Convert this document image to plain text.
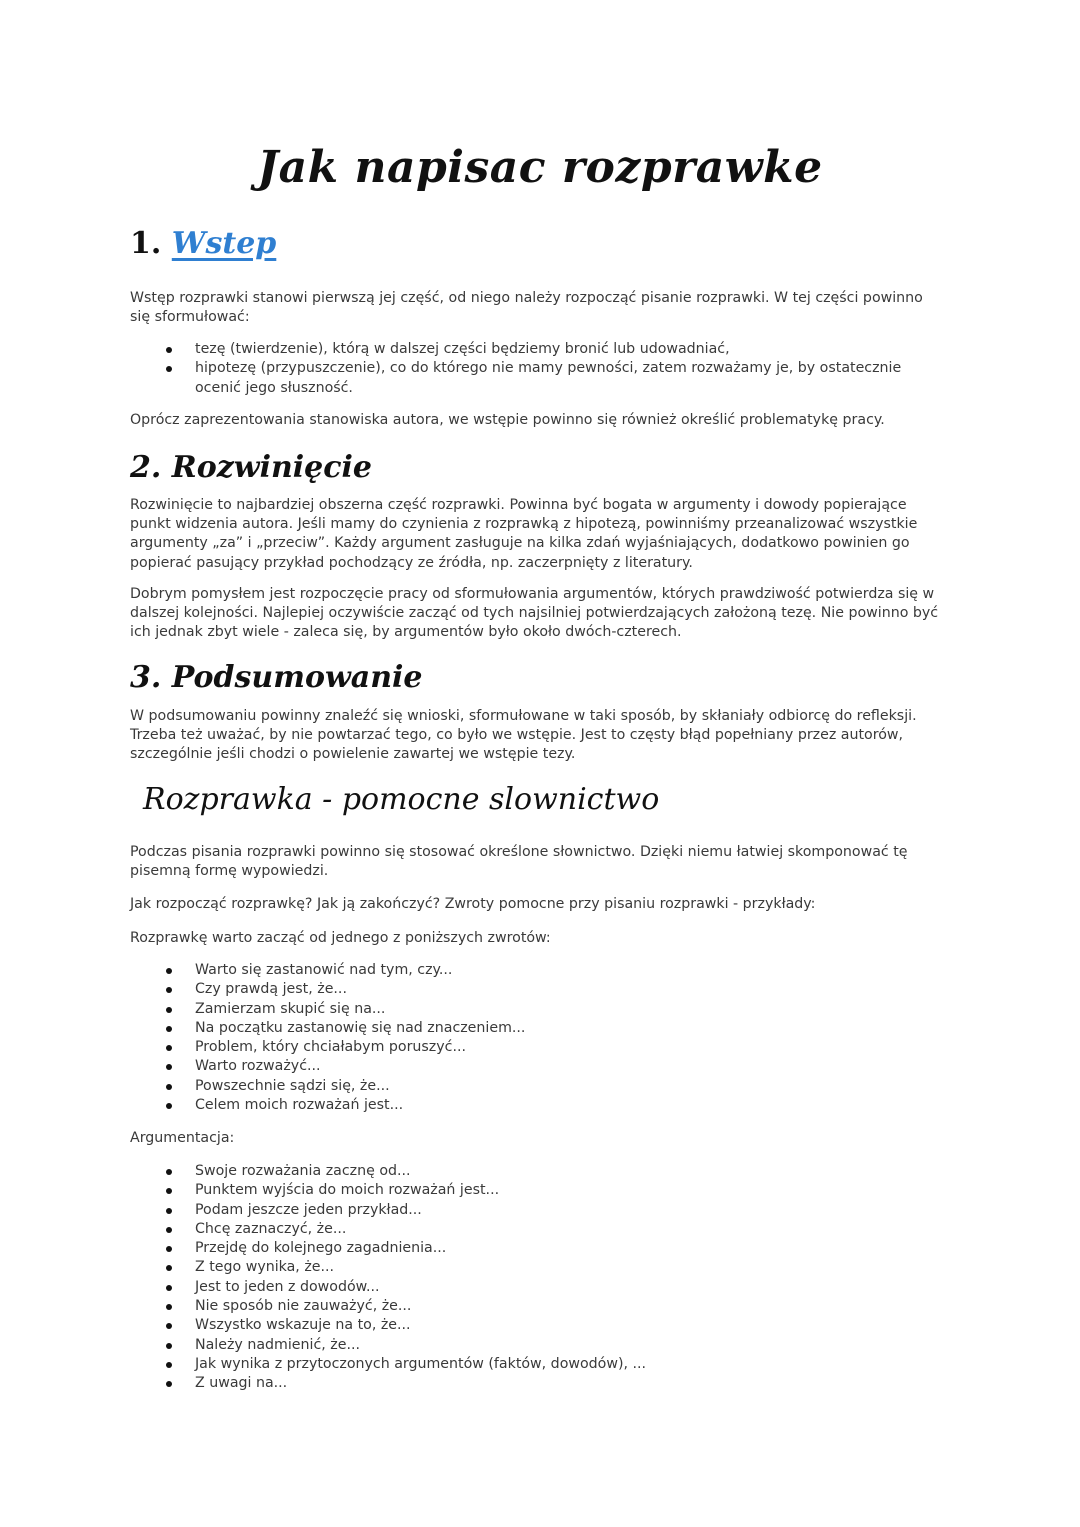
Jak napisac rozprawke
1. Wstep

Wstęp rozprawki stanowi pierwszą jej część, od niego należy rozpocząć pisanie rozprawki. W tej części powinno się sformułować:

tezę (twierdzenie), którą w dalszej części będziemy bronić lub udowadniać,
hipotezę (przypuszczenie), co do którego nie mamy pewności, zatem rozważamy je, by ostatecznie ocenić jego słuszność.

Oprócz zaprezentowania stanowiska autora, we wstępie powinno się również określić problematykę pracy.

2. Rozwinięcie

Rozwinięcie to najbardziej obszerna część rozprawki. Powinna być bogata w argumenty i dowody popierające punkt widzenia autora. Jeśli mamy do czynienia z rozprawką z hipotezą, powinniśmy przeanalizować wszystkie argumenty „za” i „przeciw”. Każdy argument zasługuje na kilka zdań wyjaśniających, dodatkowo powinien go popierać pasujący przykład pochodzący ze źródła, np. zaczerpnięty z literatury.

Dobrym pomysłem jest rozpoczęcie pracy od sformułowania argumentów, których prawdziwość potwierdza się w dalszej kolejności. Najlepiej oczywiście zacząć od tych najsilniej potwierdzających założoną tezę. Nie powinno być ich jednak zbyt wiele - zaleca się, by argumentów było około dwóch-czterech.

3. Podsumowanie

W podsumowaniu powinny znaleźć się wnioski, sformułowane w taki sposób, by skłaniały odbiorcę do refleksji. Trzeba też uważać, by nie powtarzać tego, co było we wstępie. Jest to częsty błąd popełniany przez autorów, szczególnie jeśli chodzi o powielenie zawartej we wstępie tezy.

Rozprawka - pomocne slownictwo

Podczas pisania rozprawki powinno się stosować określone słownictwo. Dzięki niemu łatwiej skomponować tę pisemną formę wypowiedzi.

Jak rozpocząć rozprawkę? Jak ją zakończyć? Zwroty pomocne przy pisaniu rozprawki - przykłady:

Rozprawkę warto zacząć od jednego z poniższych zwrotów:

Warto się zastanowić nad tym, czy...
Czy prawdą jest, że...
Zamierzam skupić się na...
Na początku zastanowię się nad znaczeniem...
Problem, który chciałabym poruszyć...
Warto rozważyć...
Powszechnie sądzi się, że...
Celem moich rozważań jest...

Argumentacja:

Swoje rozważania zacznę od...
Punktem wyjścia do moich rozważań jest...
Podam jeszcze jeden przykład...
Chcę zaznaczyć, że...
Przejdę do kolejnego zagadnienia...
Z tego wynika, że...
Jest to jeden z dowodów...
Nie sposób nie zauważyć, że...
Wszystko wskazuje na to, że...
Należy nadmienić, że...
Jak wynika z przytoczonych argumentów (faktów, dowodów), ...
Z uwagi na...
